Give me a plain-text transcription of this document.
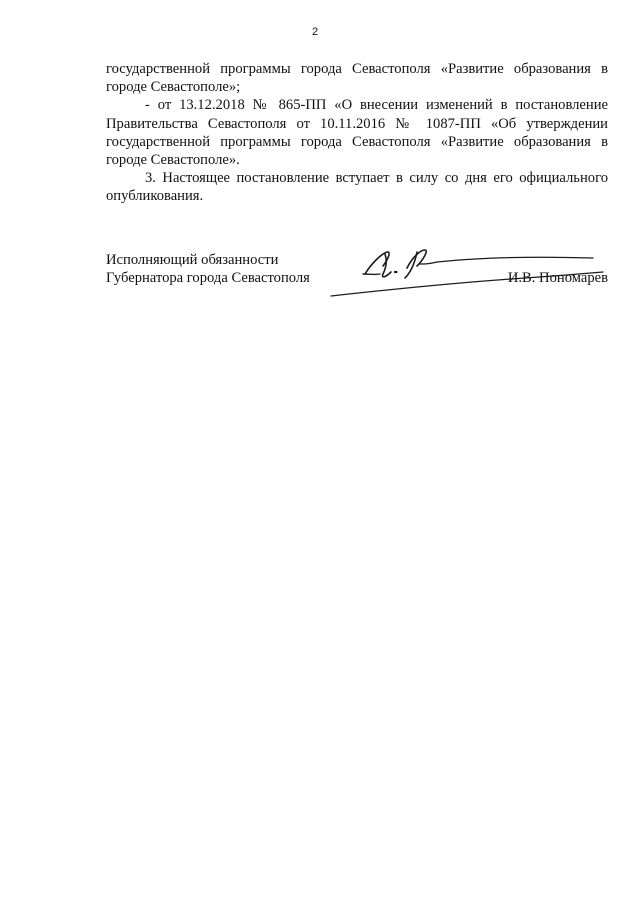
2

государственной программы города Севастополя «Развитие образования в городе Севастополе»;

- от 13.12.2018 № 865-ПП «О внесении изменений в постановление Правительства Севастополя от 10.11.2016 № 1087-ПП «Об утверждении государственной программы города Севастополя «Развитие образования в городе Севастополе».

3. Настоящее постановление вступает в силу со дня его официального опубликования.

Исполняющий обязанности
Губернатора города Севастополя	И.В. Пономарев
